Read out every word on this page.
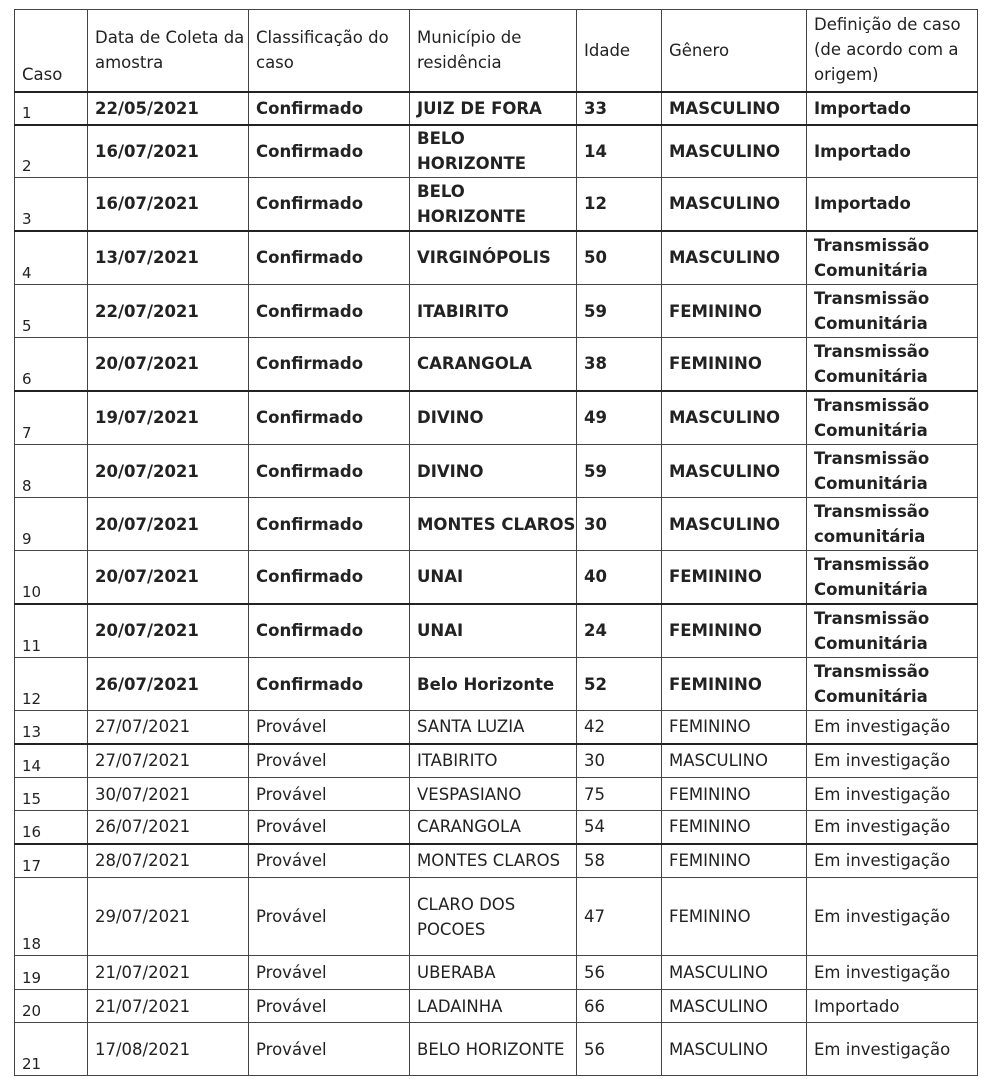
Caso	Data de Coleta da amostra	Classificação do caso	Município de residência	Idade	Gênero	Definição de caso (de acordo com a origem)
1	22/05/2021	Confirmado	JUIZ DE FORA	33	MASCULINO	Importado
2	16/07/2021	Confirmado	BELO HORIZONTE	14	MASCULINO	Importado
3	16/07/2021	Confirmado	BELO HORIZONTE	12	MASCULINO	Importado
4	13/07/2021	Confirmado	VIRGINÓPOLIS	50	MASCULINO	Transmissão Comunitária
5	22/07/2021	Confirmado	ITABIRITO	59	FEMININO	Transmissão Comunitária
6	20/07/2021	Confirmado	CARANGOLA	38	FEMININO	Transmissão Comunitária
7	19/07/2021	Confirmado	DIVINO	49	MASCULINO	Transmissão Comunitária
8	20/07/2021	Confirmado	DIVINO	59	MASCULINO	Transmissão Comunitária
9	20/07/2021	Confirmado	MONTES CLAROS	30	MASCULINO	Transmissão comunitária
10	20/07/2021	Confirmado	UNAI	40	FEMININO	Transmissão Comunitária
11	20/07/2021	Confirmado	UNAI	24	FEMININO	Transmissão Comunitária
12	26/07/2021	Confirmado	Belo Horizonte	52	FEMININO	Transmissão Comunitária
13	27/07/2021	Provável	SANTA LUZIA	42	FEMININO	Em investigação
14	27/07/2021	Provável	ITABIRITO	30	MASCULINO	Em investigação
15	30/07/2021	Provável	VESPASIANO	75	FEMININO	Em investigação
16	26/07/2021	Provável	CARANGOLA	54	FEMININO	Em investigação
17	28/07/2021	Provável	MONTES CLAROS	58	FEMININO	Em investigação
18	29/07/2021	Provável	CLARO DOS POCOES	47	FEMININO	Em investigação
19	21/07/2021	Provável	UBERABA	56	MASCULINO	Em investigação
20	21/07/2021	Provável	LADAINHA	66	MASCULINO	Importado
21	17/08/2021	Provável	BELO HORIZONTE	56	MASCULINO	Em investigação
